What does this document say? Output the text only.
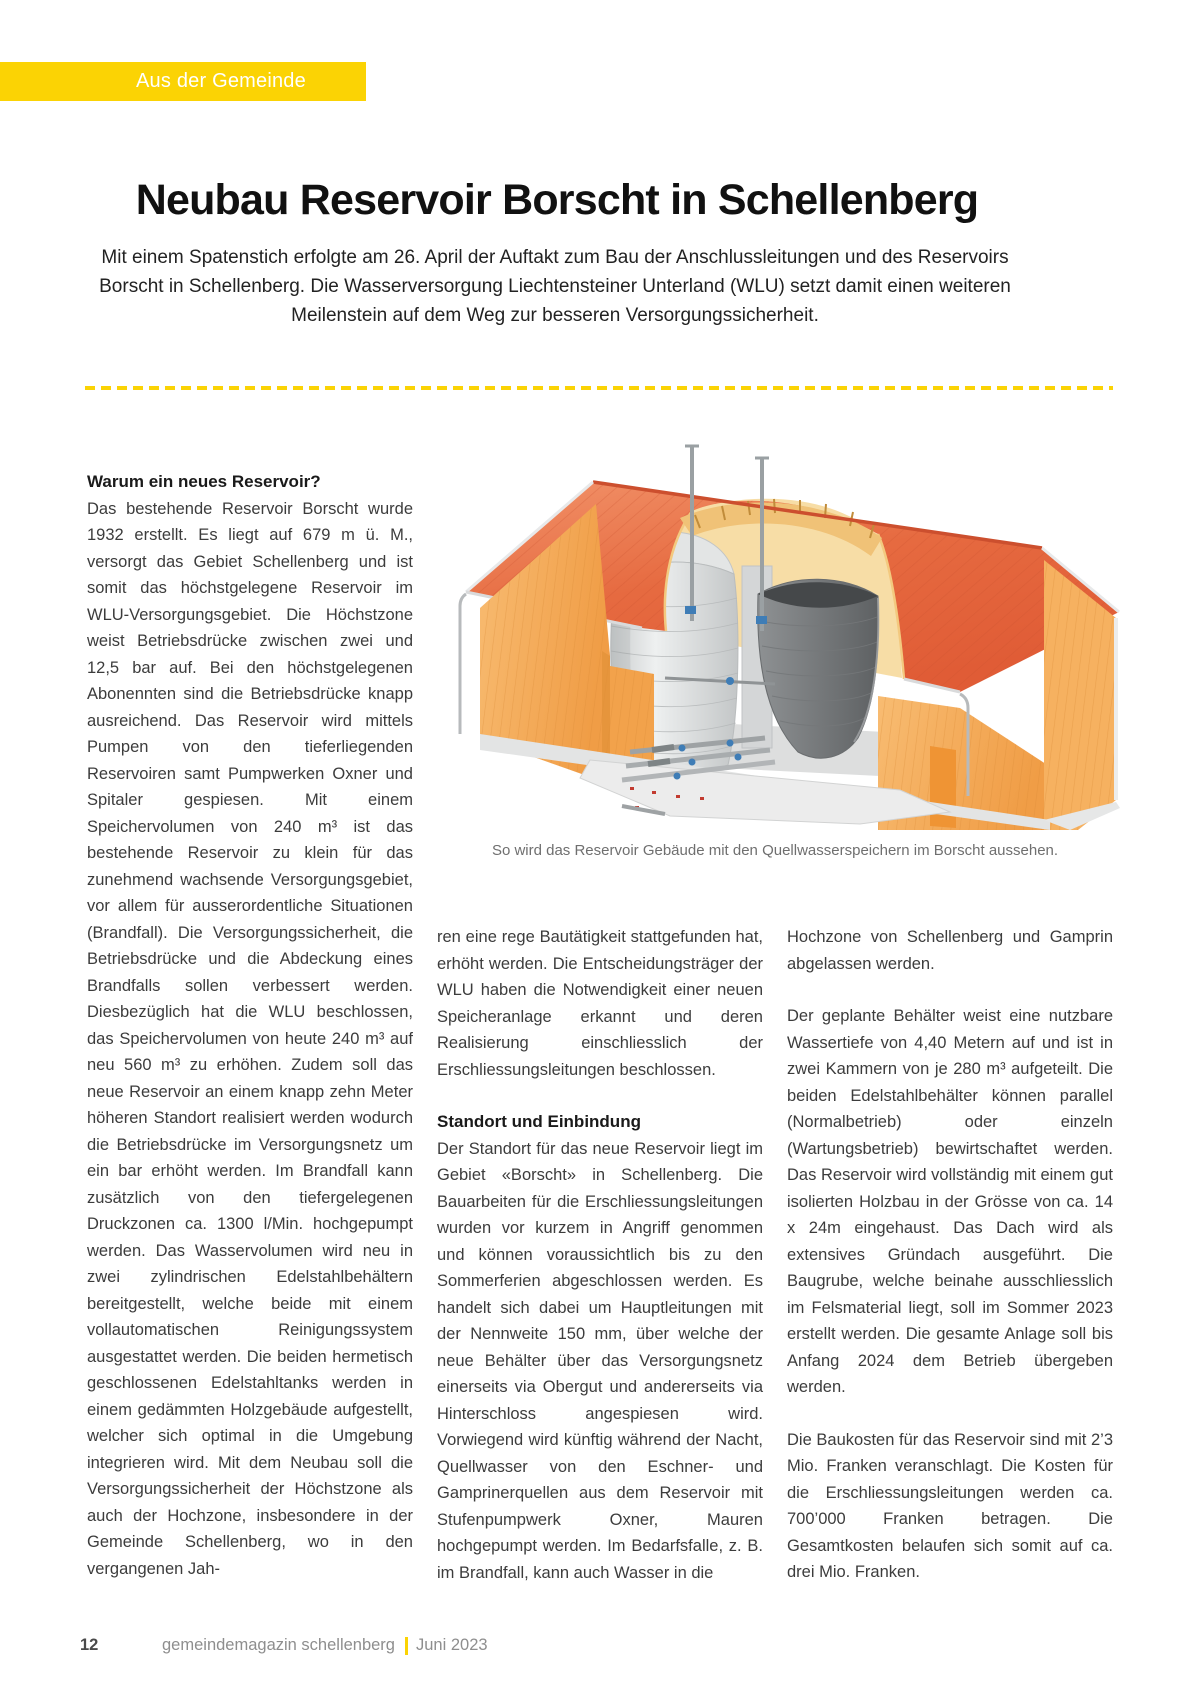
Aus der Gemeinde
Neubau Reservoir Borscht in Schellenberg
Mit einem Spatenstich erfolgte am 26. April der Auftakt zum Bau der Anschlussleitungen und des Reservoirs Borscht in Schellenberg. Die Wasserversorgung Liechtensteiner Unterland (WLU) setzt damit einen weiteren Meilenstein auf dem Weg zur besseren Versorgungssicherheit.
So wird das Reservoir Gebäude mit den Quellwasserspeichern im Borscht aussehen.
Warum ein neues Reservoir?

Das bestehende Reservoir Borscht wurde 1932 erstellt. Es liegt auf 679 m ü. M., versorgt das Gebiet Schellenberg und ist somit das höchstgelegene Reservoir im WLU-Versorgungsgebiet. Die Höchstzone weist Betriebsdrücke zwischen zwei und 12,5 bar auf. Bei den höchstgelegenen Abonennten sind die Betriebsdrücke knapp ausreichend. Das Reservoir wird mittels Pumpen von den tieferliegenden Reservoiren samt Pumpwerken Oxner und Spitaler gespiesen. Mit einem Speichervolumen von 240 m³ ist das bestehende Reservoir zu klein für das zunehmend wachsende Versorgungsgebiet, vor allem für ausserordentliche Situationen (Brandfall). Die Versorgungssicherheit, die Betriebsdrücke und die Abdeckung eines Brandfalls sollen verbessert werden. Diesbezüglich hat die WLU beschlossen, das Speichervolumen von heute 240 m³ auf neu 560 m³ zu erhöhen. Zudem soll das neue Reservoir an einem knapp zehn Meter höheren Standort realisiert werden wodurch die Betriebsdrücke im Versorgungsnetz um ein bar erhöht werden. Im Brandfall kann zusätzlich von den tiefergelegenen Druckzonen ca. 1300 l/Min. hochgepumpt werden. Das Wasservolumen wird neu in zwei zylindrischen Edelstahlbehältern bereitgestellt, welche beide mit einem vollautomatischen Reinigungssystem ausgestattet werden. Die beiden hermetisch geschlossenen Edelstahltanks werden in einem gedämmten Holzgebäude aufgestellt, welcher sich optimal in die Umgebung integrieren wird. Mit dem Neubau soll die Versorgungssicherheit der Höchstzone als auch der Hochzone, insbesondere in der Gemeinde Schellenberg, wo in den vergangenen Jah-

ren eine rege Bautätigkeit stattgefunden hat, erhöht werden. Die Entscheidungsträger der WLU haben die Notwendigkeit einer neuen Speicheranlage erkannt und deren Realisierung einschliesslich der Erschliessungsleitungen beschlossen.

Standort und Einbindung

Der Standort für das neue Reservoir liegt im Gebiet «Borscht» in Schellenberg. Die Bauarbeiten für die Erschliessungsleitungen wurden vor kurzem in Angriff genommen und können voraussichtlich bis zu den Sommerferien abgeschlossen werden. Es handelt sich dabei um Hauptleitungen mit der Nennweite 150 mm, über welche der neue Behälter über das Versorgungsnetz einerseits via Obergut und andererseits via Hinterschloss angespiesen wird. Vorwiegend wird künftig während der Nacht, Quellwasser von den Eschner- und Gamprinerquellen aus dem Reservoir mit Stufenpumpwerk Oxner, Mauren hochgepumpt werden. Im Bedarfsfalle, z. B. im Brandfall, kann auch Wasser in die

Hochzone von Schellenberg und Gamprin abgelassen werden.

Der geplante Behälter weist eine nutzbare Wassertiefe von 4,40 Metern auf und ist in zwei Kammern von je 280 m³ aufgeteilt. Die beiden Edelstahlbehälter können parallel (Normalbetrieb) oder einzeln (Wartungsbetrieb) bewirtschaftet werden. Das Reservoir wird vollständig mit einem gut isolierten Holzbau in der Grösse von ca. 14 x 24m eingehaust. Das Dach wird als extensives Gründach ausgeführt. Die Baugrube, welche beinahe ausschliesslich im Felsmaterial liegt, soll im Sommer 2023 erstellt werden. Die gesamte Anlage soll bis Anfang 2024 dem Betrieb übergeben werden.

Die Baukosten für das Reservoir sind mit 2’3 Mio. Franken veranschlagt. Die Kosten für die Erschliessungsleitungen werden ca. 700’000 Franken betragen. Die Gesamtkosten belaufen sich somit auf ca. drei Mio. Franken.

12	gemeindemagazin schellenberg Juni 2023
